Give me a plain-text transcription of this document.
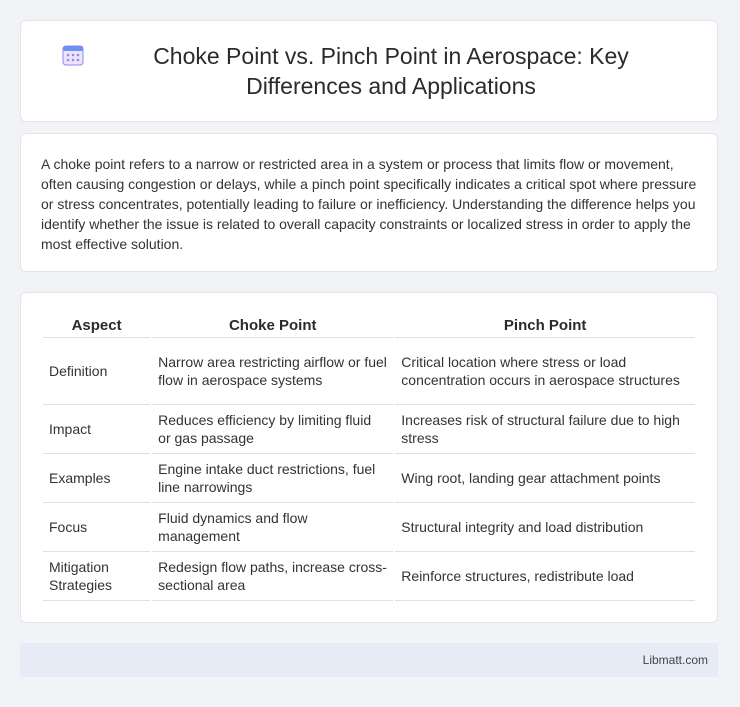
Choke Point vs. Pinch Point in Aerospace: Key Differences and Applications

A choke point refers to a narrow or restricted area in a system or process that limits flow or movement, often causing congestion or delays, while a pinch point specifically indicates a critical spot where pressure or stress concentrates, potentially leading to failure or inefficiency. Understanding the difference helps you identify whether the issue is related to overall capacity constraints or localized stress in order to apply the most effective solution.

Aspect	Choke Point	Pinch Point
Definition	Narrow area restricting airflow or fuel flow in aerospace systems	Critical location where stress or load concentration occurs in aerospace structures
Impact	Reduces efficiency by limiting fluid or gas passage	Increases risk of structural failure due to high stress
Examples	Engine intake duct restrictions, fuel line narrowings	Wing root, landing gear attachment points
Focus	Fluid dynamics and flow management	Structural integrity and load distribution
Mitigation Strategies	Redesign flow paths, increase cross-sectional area	Reinforce structures, redistribute load
Libmatt.com
